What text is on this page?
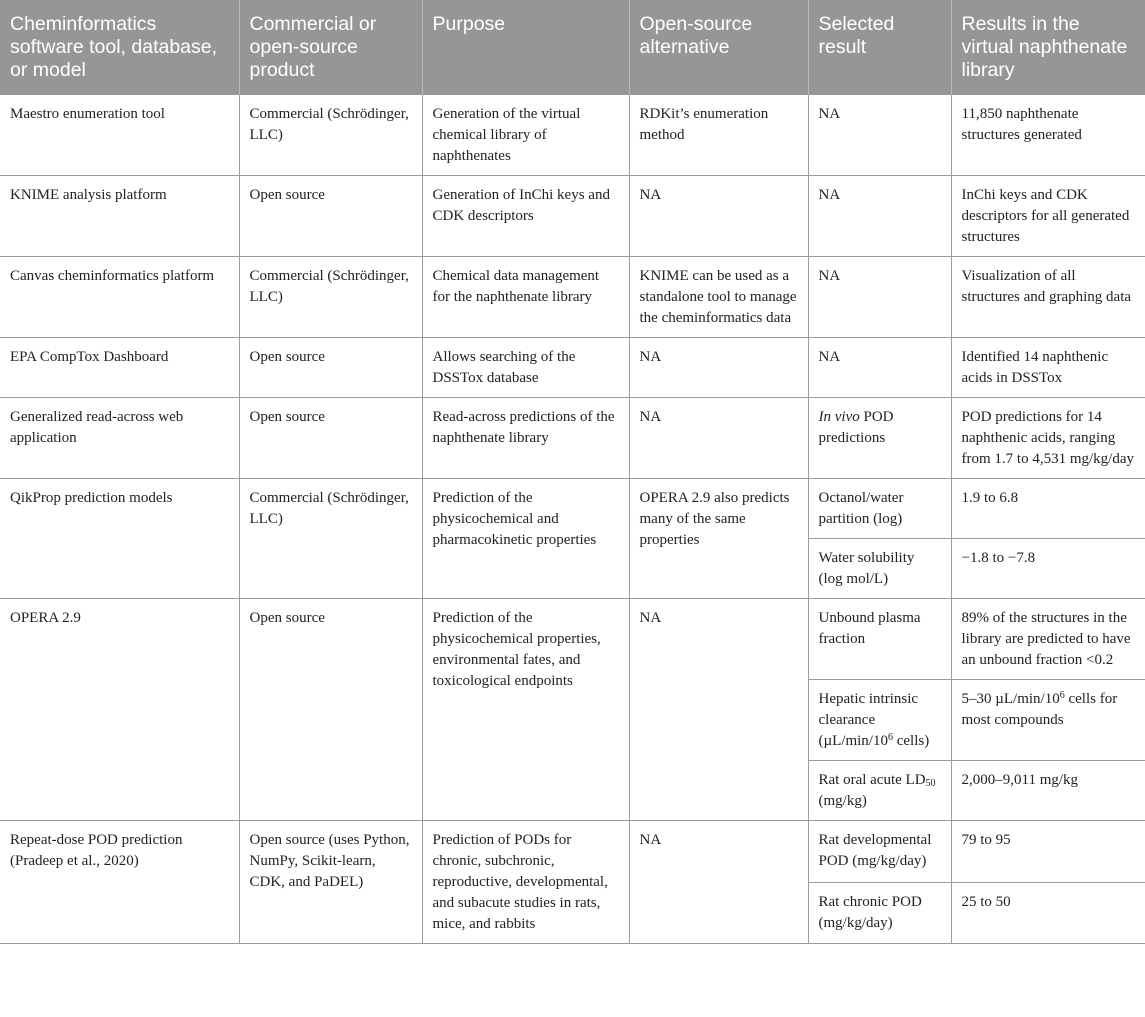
Cheminformatics software tool, database, or model	Commercial or open-source product	Purpose	Open-source alternative	Selected result	Results in the virtual naphthenate library
Maestro enumeration tool	Commercial (Schrödinger, LLC)	Generation of the virtual chemical library of naphthenates	RDKit’s enumeration method	NA	11,850 naphthenate structures generated
KNIME analysis platform	Open source	Generation of InChi keys and CDK descriptors	NA	NA	InChi keys and CDK descriptors for all generated structures
Canvas cheminformatics platform	Commercial (Schrödinger, LLC)	Chemical data management for the naphthenate library	KNIME can be used as a standalone tool to manage the cheminformatics data	NA	Visualization of all structures and graphing data
EPA CompTox Dashboard	Open source	Allows searching of the DSSTox database	NA	NA	Identified 14 naphthenic acids in DSSTox
Generalized read-across web application	Open source	Read-across predictions of the naphthenate library	NA	In vivo POD predictions	POD predictions for 14 naphthenic acids, ranging from 1.7 to 4,531 mg/kg/day
QikProp prediction models	Commercial (Schrödinger, LLC)	Prediction of the physicochemical and pharmacokinetic properties	OPERA 2.9 also predicts many of the same properties	Octanol/water partition (log)	1.9 to 6.8
				Water solubility (log mol/L)	−1.8 to −7.8
OPERA 2.9	Open source	Prediction of the physicochemical properties, environmental fates, and toxicological endpoints	NA	Unbound plasma fraction	89% of the structures in the library are predicted to have an unbound fraction <0.2
				Hepatic intrinsic clearance ($\mu L/\min/10^6$ cells)	5–30 $\mu L/\min/10^6$ cells for most compounds
				Rat oral acute $LD_{50}$ (mg/kg)	2,000–9,011 mg/kg
Repeat-dose POD prediction (Pradeep et al., 2020)	Open source (uses Python, NumPy, Scikit-learn, CDK, and PaDEL)	Prediction of PODs for chronic, subchronic, reproductive, developmental, and subacute studies in rats, mice, and rabbits	NA	Rat developmental POD (mg/kg/day)	79 to 95
				Rat chronic POD (mg/kg/day)	25 to 50
